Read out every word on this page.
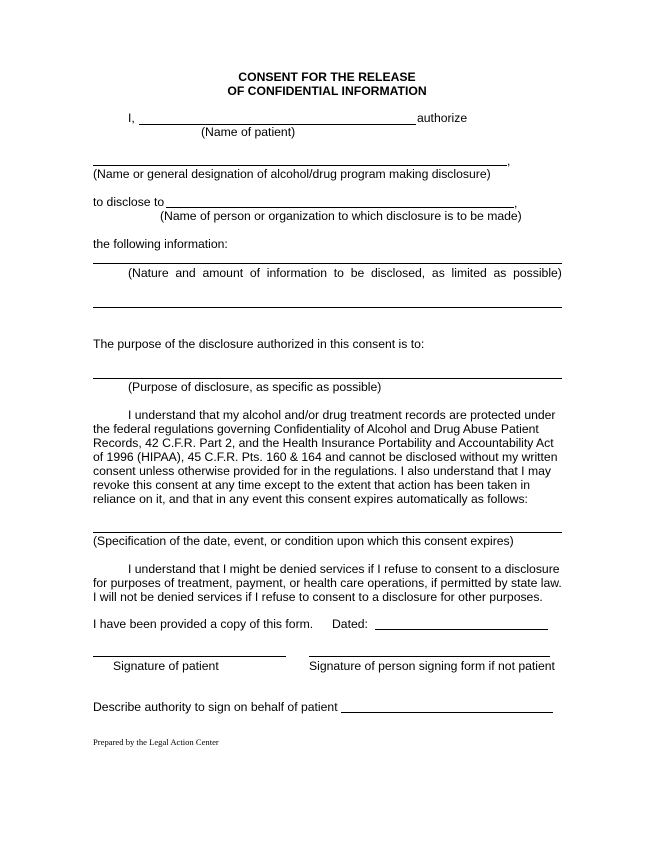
CONSENT FOR THE RELEASE
OF CONFIDENTIAL INFORMATION
I,	authorize
(Name of patient)
,
(Name or general designation of alcohol/drug program making disclosure)
to disclose to	,
(Name of person or organization to which disclosure is to be made)
the following information:
(Nature and amount of information to be disclosed, as limited as possible)
The purpose of the disclosure authorized in this consent is to:
(Purpose of disclosure, as specific as possible)
I understand that my alcohol and/or drug treatment records are protected under
the federal regulations governing Confidentiality of Alcohol and Drug Abuse Patient
Records, 42 C.F.R. Part 2, and the Health Insurance Portability and Accountability Act
of 1996 (HIPAA), 45 C.F.R. Pts. 160 & 164 and cannot be disclosed without my written
consent unless otherwise provided for in the regulations. I also understand that I may
revoke this consent at any time except to the extent that action has been taken in
reliance on it, and that in any event this consent expires automatically as follows:
(Specification of the date, event, or condition upon which this consent expires)
I understand that I might be denied services if I refuse to consent to a disclosure
for purposes of treatment, payment, or health care operations, if permitted by state law.
I will not be denied services if I refuse to consent to a disclosure for other purposes.
I have been provided a copy of this form. Dated:
Signature of patient	Signature of person signing form if not patient
Describe authority to sign on behalf of patient
Prepared by the Legal Action Center
